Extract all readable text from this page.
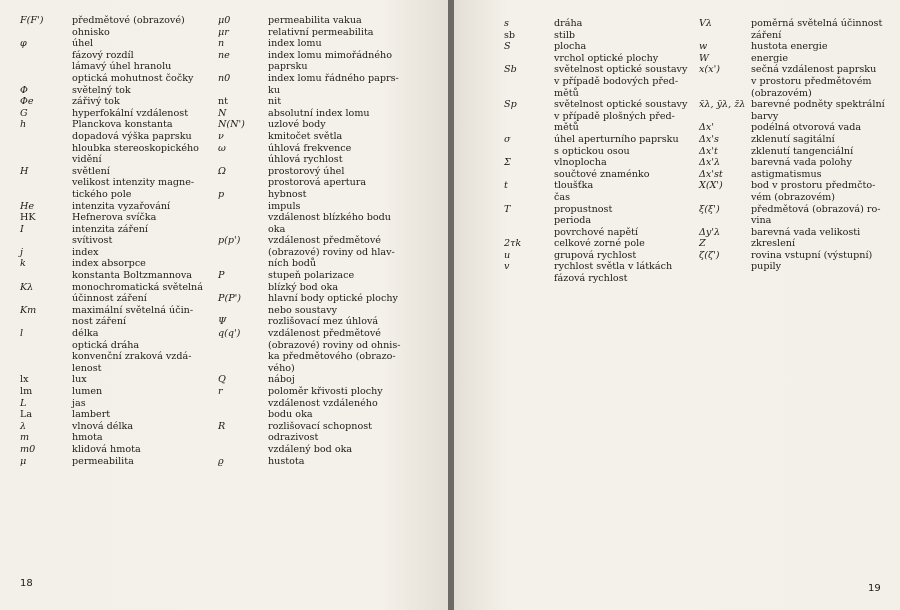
F(F')	předmětové (obrazové)
ohnisko
φ	úhel
fázový rozdíl
lámavý úhel hranolu
optická mohutnost čočky
Φ	světelný tok
Φe	zářivý tok
G	hyperfokální vzdálenost
h	Planckova konstanta
dopadová výška paprsku
hloubka stereoskopického
vidění
H	světlení
velikost intenzity magne-
tického pole
He	intenzita vyzařování
HK	Hefnerova svíčka
I	intenzita záření
svítivost
j	index
k	index absorpce
konstanta Boltzmannova
Kλ	monochromatická světelná
účinnost záření
Km	maximální světelná účin-
nost záření
l	délka
optická dráha
konvenční zraková vzdá-
lenost
lx	lux
lm	lumen
L	jas
La	lambert
λ	vlnová délka
m	hmota
m0	klidová hmota
μ	permeabilita
μ0	permeabilita vakua
μr	relativní permeabilita
n	index lomu
ne	index lomu mimořádného
paprsku
n0	index lomu řádného paprs-
ku
nt	nit
N	absolutní index lomu
N(N')	uzlové body
ν	kmitočet světla
ω	úhlová frekvence
úhlová rychlost
Ω	prostorový úhel
prostorová apertura
p	hybnost
impuls
vzdálenost blízkého bodu
oka
p(p')	vzdálenost předmětové
(obrazové) roviny od hlav-
ních bodů
P	stupeň polarizace
blízký bod oka
P(P')	hlavní body optické plochy
nebo soustavy
Ψ	rozlišovací mez úhlová
q(q')	vzdálenost předmětové
(obrazové) roviny od ohnis-
ka předmětového (obrazo-
vého)
Q	náboj
r	poloměr křivosti plochy
vzdálenost vzdáleného
bodu oka
R	rozlišovací schopnost
odrazivost
vzdálený bod oka
ϱ	hustota
18
s	dráha
sb	stilb
S	plocha
vrchol optické plochy
Sb	světelnost optické soustavy
v případě bodových před-
mětů
Sp	světelnost optické soustavy
v případě plošných před-
mětů
σ	úhel aperturního paprsku
s optickou osou
Σ	vlnoplocha
součtové znaménko
t	tloušťka
čas
T	propustnost
perioda
povrchové napětí
2τk	celkové zorné pole
u	grupová rychlost
v	rychlost světla v látkách
fázová rychlost
Vλ	poměrná světelná účinnost
záření
w	hustota energie
W	energie
x(x')	sečná vzdálenost paprsku
v prostoru předmětovém
(obrazovém)
x̄λ, ȳλ, z̄λ barevné podněty spektrální
barvy
Δx'	podélná otvorová vada
Δx's	zklenutí sagitální
Δx't	zklenutí tangenciální
Δx'λ	barevná vada polohy
Δx'st	astigmatismus
X(X')	bod v prostoru předmčto-
vém (obrazovém)
ξ(ξ')	předmětová (obrazová) ro-
vina
Δy'λ	barevná vada velikosti
Z	zkreslení
ζ(ζ')	rovina vstupní (výstupní)
pupily
19
